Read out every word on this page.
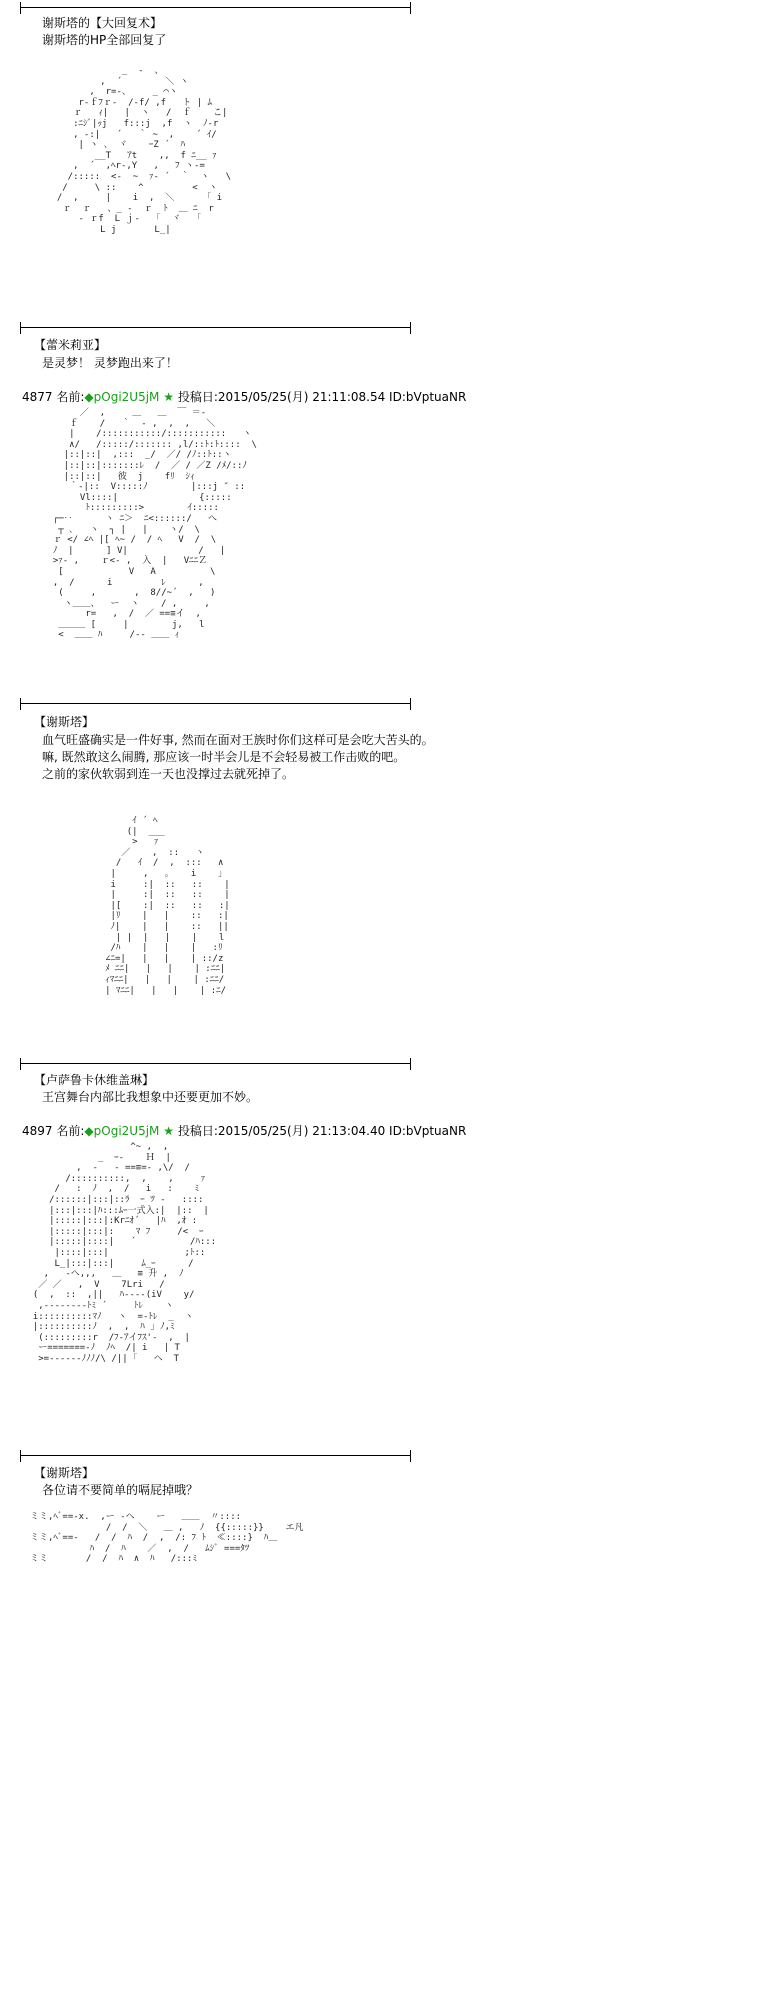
谢斯塔的【大回复术】
谢斯塔的HP全部回复了
_  -  、
,  ´        ＼ ヽ
,  r=-、    _ ⌒ヽ
r-ｆﾌｒ‐  /‐f/ ,f   ト | ﾑ
ｒ   ｨ|   |  ヽ   /  ｆ    こ|
:ﾆｼﾞ|ｯj   f:::j  ,f  ヽ  ﾉ-r
, -:|   ´   ｀ ~  ,    ´ ｲ/
| ヽ 、 ヾ    ｰZ ´  ﾊ
__T   ｱt    ,,  f ﾆ__ ｧ
,  ´  ,ﾍr‐,Y   ,   ﾌ ヽ‐=
/:::::  <-  ~  ｧ- ´  ｀  ヽ   \
/     \ ::    ^         <  ヽ
/  ,     |    i  ,  ＼      ｢ i
ｒ  ｒ   、_ -  ｒ  ﾄ  ＿ ﾆ  r
‐ ｒf  L ｊ-   ｢  ヾ   ｢
L j       L_|
【蕾米莉亚】
是灵梦！ 灵梦跑出来了！
4877 名前:◆pOgi2U5jM ★ 投稿日:2015/05/25(月) 21:11:08.54 ID:bVptuaNR
／  ,     ＿   ＿  ￣ ＝-
ｆ    /   ｀  ‐ ,  ,  ,   ＼
|    /:::::::::::/:::::::::::   ヽ
∧/   /:::::/::::::: ,l/::ﾄ:ﾄ::::  \
|::|::|  ,:::  _/  ／/ /ﾉ::ﾄ::ヽ
|::|::|:::::::ﾚ  /  ／ / ／Z /ﾒ/::ﾉ
|::|::|   彼  j    fﾘ  ｼｨ
｀‐|::  V:::::ﾉ        |:::j ″ ::
Vl::::|               {:::::
ﾄ:::::::::>        ｲ:::::
┌─‥      ヽ ﾆ＞  ﾆ<::::::/   へ
┬ ､   ヽ  ┐ |   |    ヽ/  \
ｒ </ ∠ﾍ |[ ﾍ~ /  / ﾍ   V  /  \
ﾉ  |      ] V|             /   |
>ｧ- ,    ｒ<- ,  入  |   VﾆﾆＺ
[            V   A          \
,  /      i         ﾚ      ,
(     ,       ,  8//~´  ,   )
ヽ＿＿、  ー  ヽ    / ,     ,
r=   ,  /  ／ ==≡イ  ,
＿＿＿ [     |        j,   l
<  ＿＿ ﾊ     /‐‐ ＿＿ ｨ
【谢斯塔】
血气旺盛确实是一件好事, 然而在面对王族时你们这样可是会吃大苦头的。
嘛, 既然敢这么闹腾, 那应该一时半会儿是不会轻易被工作击败的吧。
之前的家伙软弱到连一天也没撑过去就死掉了。
ｲ ´ ﾍ
(|  ___
>   ｧ
／    ,  ::   ヽ
/   ｲ  /  ,  :::   ∧
|     ,   ｡    i    ｣
i     :|  ::   ::    |
|     :|  ::   ::    |
|[    :|  ::   ::   :|
|ﾘ    |   |    ::   :|
ﾉ|    |   |    ::   ||
| |  |   |    |    l
/ﾊ    |   |    |   :ﾘ
∠ﾆ=|   |   |    | ::/z
ﾒ ﾆﾆ|   |   |    | :ﾆﾆ|
ｨﾏﾆﾆ|   |   |    | :ﾆﾆ/
| ﾏﾆﾆ|   |   |    | :ﾆ/
【卢萨鲁卡休维盖琳】
王宫舞台内部比我想象中还要更加不妙。
4897 名前:◆pOgi2U5jM ★ 投稿日:2015/05/25(月) 21:13:04.40 ID:bVptuaNR
^~ ,  ,
_  ｰ-    Ｈ  |
,  -   - ==≡=- ,\/  /
/::::::::::,  ,    ,     ｧ
/   :  ﾉ  ,  /   i   :    ﾐ
/::::::|:::|::ﾗ  ｰ ﾂ ‐   ::::
|:::|:::|ﾊ:::ﾑｰ一式入:|  |::  |
|:::::|:::|:Krﾆｵ´   |ﾊ  ,ｵ :
|:::::|:::|:    ﾏ ﾌ     /<  ｰ
|:::::|::::|   ´          /ﾊ:::
|::::|:::|              ;ﾄ::
L_|:::|:::|     ﾑ_ｰ      /
,   -ヘ,,,   ＿   ≡ 升 ,  ﾉ
／ ／   ,  V    7Lri   /
(  ,  ::  ,||   ﾊ‐‐‐‐(iV    y/
,--------ﾄﾐ ´     ﾄﾚ    ヽ
i::::::::::ﾏﾉ   ヽ  =-ﾄﾚ  _  ヽ
|::::::::::ﾉ  ,  ,  ﾊ ｣ ﾉ,ﾐ
(:::::::::r  /ﾌ-ｱイﾌｽ'-  ,  |
ー=======‐ﾉ  ﾉﾍ  /| i   | T
>=‐‐‐‐‐‐ﾉﾉﾉ/\ /|| ｢   ヘ  T
【谢斯塔】
各位请不要简单的嗝屁掉哦？
ミミ,ﾍﾞ==-x.  ,ー ‐ヘ    ー   ＿＿  〃::::
/  /  ＼   ＿ ,   ﾉ  {{:::::}}    エ凡
ミミ,ﾍﾞ==-   /  /  ﾊ  /  ,  /: ﾌ ﾄ  ≪::::}  ﾊ＿
ﾊ  /  ﾊ    ／  ,  /   ﾑｼﾞ ===ﾀﾂ
ミミ       /  /  ﾊ  ∧  ﾊ   /:::ﾐ
